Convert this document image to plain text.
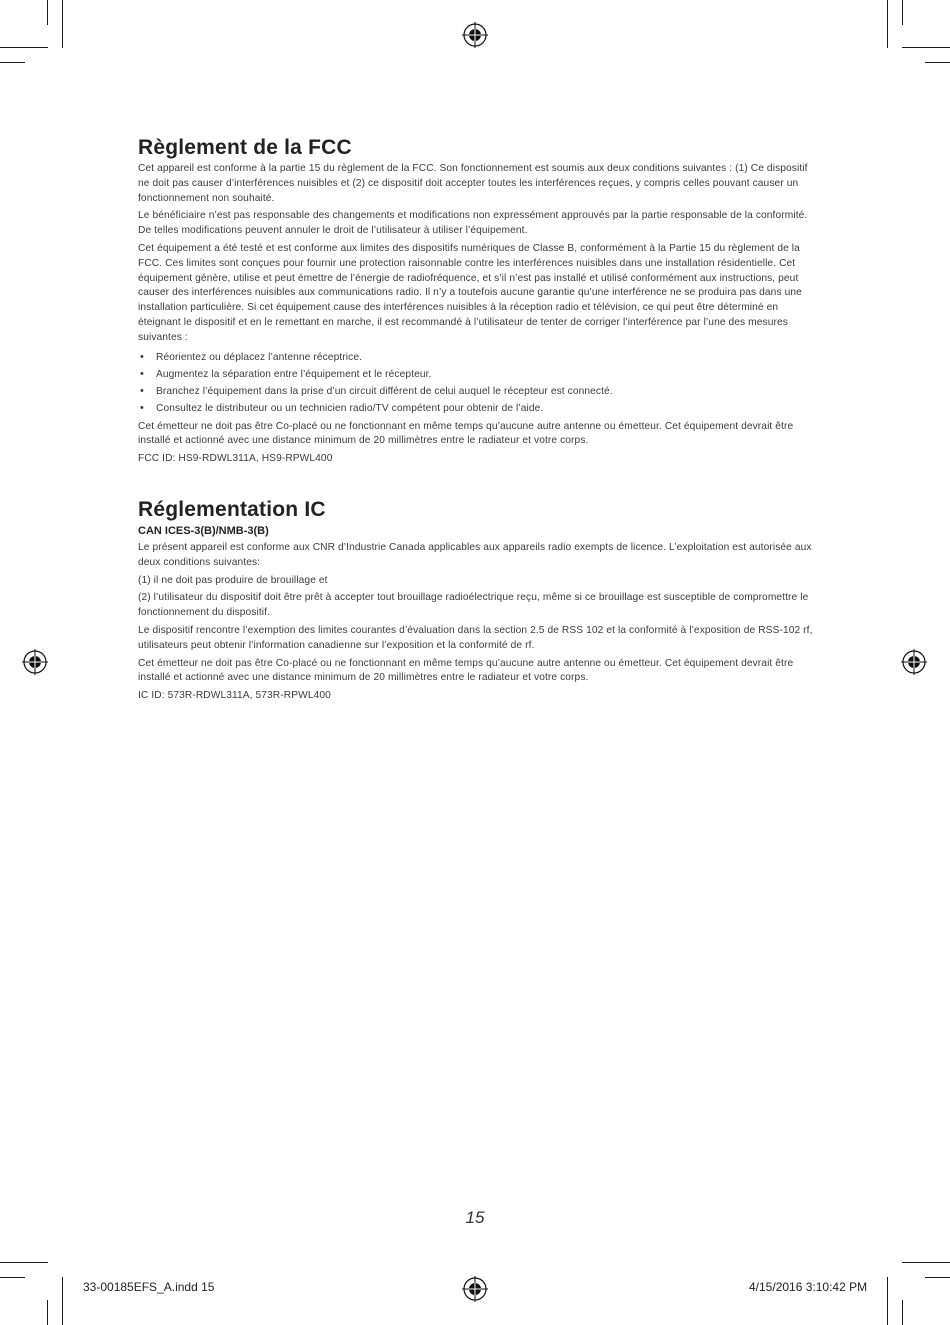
Règlement de la FCC

Cet appareil est conforme à la partie 15 du règlement de la FCC. Son fonctionnement est soumis aux deux conditions suivantes : (1) Ce dispositif ne doit pas causer d’interférences nuisibles et (2) ce dispositif doit accepter toutes les interférences reçues, y compris celles pouvant causer un fonctionnement non souhaité.

Le bénéficiaire n’est pas responsable des changements et modifications non expressément approuvés par la partie responsable de la conformité. De telles modifications peuvent annuler le droit de l’utilisateur à utiliser l’équipement.

Cet équipement a été testé et est conforme aux limites des dispositifs numériques de Classe B, conformément à la Partie 15 du règlement de la FCC. Ces limites sont conçues pour fournir une protection raisonnable contre les interférences nuisibles dans une installation résidentielle. Cet équipement génère, utilise et peut émettre de l’énergie de radiofréquence, et s’il n’est pas installé et utilisé conformément aux instructions, peut causer des interférences nuisibles aux communications radio. Il n’y a toutefois aucune garantie qu’une interférence ne se produira pas dans une installation particulière. Si cet équipement cause des interférences nuisibles à la réception radio et télévision, ce qui peut être déterminé en éteignant le dispositif et en le remettant en marche, il est recommandé à l’utilisateur de tenter de corriger l’interférence par l’une des mesures suivantes :

• Réorientez ou déplacez l’antenne réceptrice.
• Augmentez la séparation entre l’équipement et le récepteur.
• Branchez l’équipement dans la prise d’un circuit différent de celui auquel le récepteur est connecté.
• Consultez le distributeur ou un technicien radio/TV compétent pour obtenir de l’aide.

Cet émetteur ne doit pas être Co-placé ou ne fonctionnant en même temps qu’aucune autre antenne ou émetteur. Cet équipement devrait être installé et actionné avec une distance minimum de 20 millimètres entre le radiateur et votre corps.

FCC ID: HS9-RDWL311A, HS9-RPWL400

Réglementation IC
CAN ICES-3(B)/NMB-3(B)

Le présent appareil est conforme aux CNR d’Industrie Canada applicables aux appareils radio exempts de licence. L’exploitation est autorisée aux deux conditions suivantes:

(1) il ne doit pas produire de brouillage et

(2) l’utilisateur du dispositif doit être prêt à accepter tout brouillage radioélectrique reçu, même si ce brouillage est susceptible de compromettre le fonctionnement du dispositif.

Le dispositif rencontre l’exemption des limites courantes d’évaluation dans la section 2.5 de RSS 102 et la conformité à l’exposition de RSS-102 rf, utilisateurs peut obtenir l’information canadienne sur l’exposition et la conformité de rf.

Cet émetteur ne doit pas être Co-placé ou ne fonctionnant en même temps qu’aucune autre antenne ou émetteur. Cet équipement devrait être installé et actionné avec une distance minimum de 20 millimètres entre le radiateur et votre corps.

IC ID: 573R-RDWL311A, 573R-RPWL400

15
33-00185EFS_A.indd 15	4/15/2016 3:10:42 PM
